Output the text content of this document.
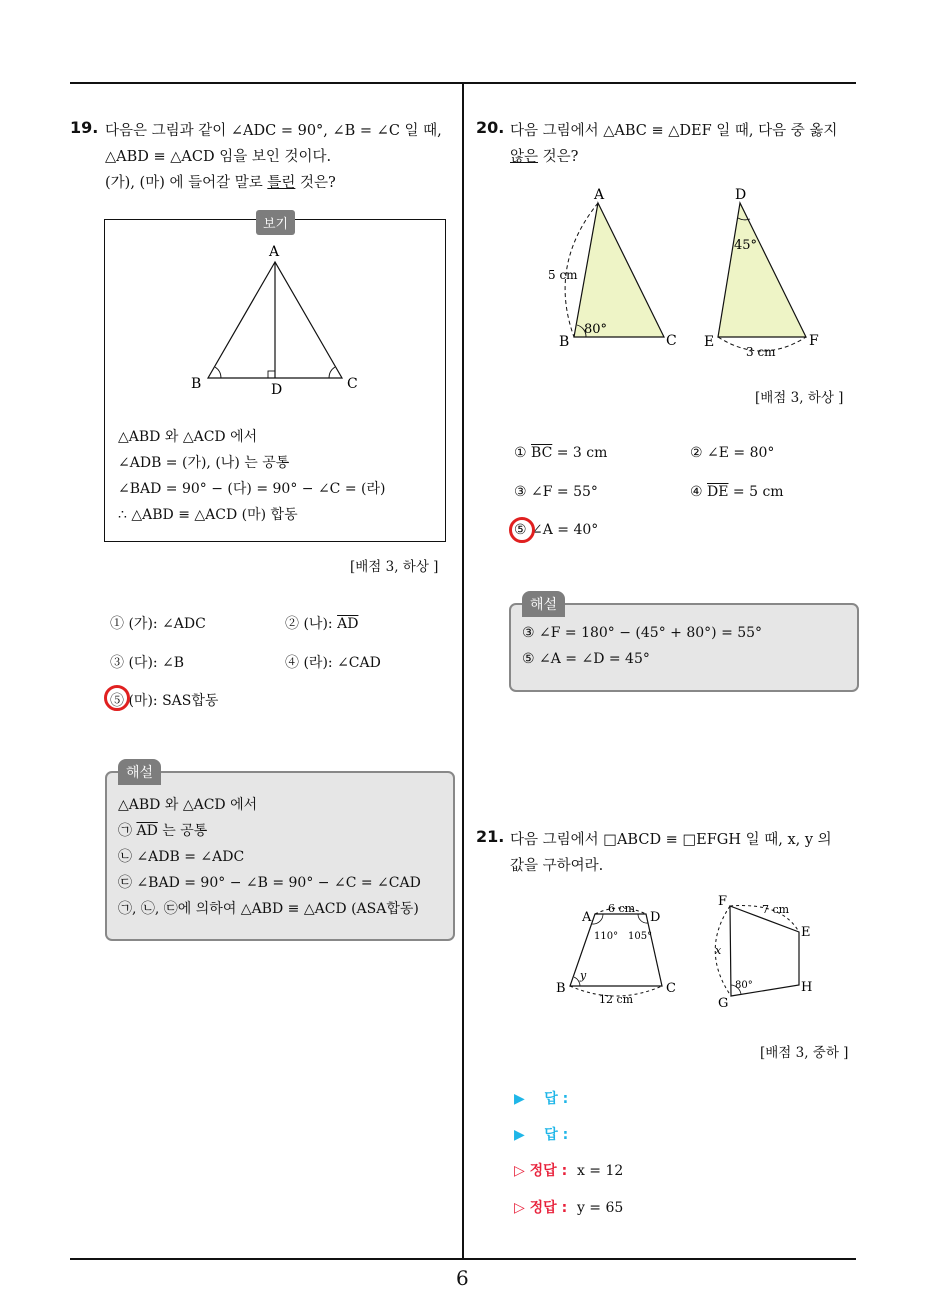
19. 다음은 그림과 같이 ∠ADC = 90°, ∠B = ∠C 일 때,
△ABD ≡ △ACD 임을 보인 것이다.
(가), (마) 에 들어갈 말로 틀린 것은?
보기
A
B	C
D
△ABD 와 △ACD 에서
∠ADB = (가), (나) 는 공통
∠BAD = 90° − (다) = 90° − ∠C = (라)
∴ △ABD ≡ △ACD (마) 합동
[배점 3, 하상 ]
① (가): ∠ADC	② (나): $\overline{AD}$
③ (다): ∠B	④ (라): ∠CAD
⑤ (마): SAS합동
해설
△ABD 와 △ACD 에서
㉠ $\overline{AD}$ 는 공통
㉡ ∠ADB = ∠ADC
㉢ ∠BAD = 90° − ∠B = 90° − ∠C = ∠CAD
㉠, ㉡, ㉢에 의하여 △ABD ≡ △ACD (ASA합동)
20. 다음 그림에서 △ABC ≡ △DEF 일 때, 다음 중 옳지
않은 것은?
A
B	C
5 cm
80°
D
E	F
45°
3 cm
[배점 3, 하상 ]
① $\overline{BC} = 3$ cm	② ∠E = 80°
③ ∠F = 55°	④ $\overline{DE} = 5$ cm
⑤ ∠A = 40°
해설
③ ∠F = 180° − (45° + 80°) = 55°
⑤ ∠A = ∠D = 45°
21. 다음 그림에서 □ABCD ≡ □EFGH 일 때, x, y 의
값을 구하여라.
A	D
B	C
6 cm
12 cm
110° 105°
y
F
E
H
G
7 cm
x
80°
[배점 3, 중하 ]
▶ 답 :
▶ 답 :
▷ 정답 : x = 12
▷ 정답 : y = 65
6
